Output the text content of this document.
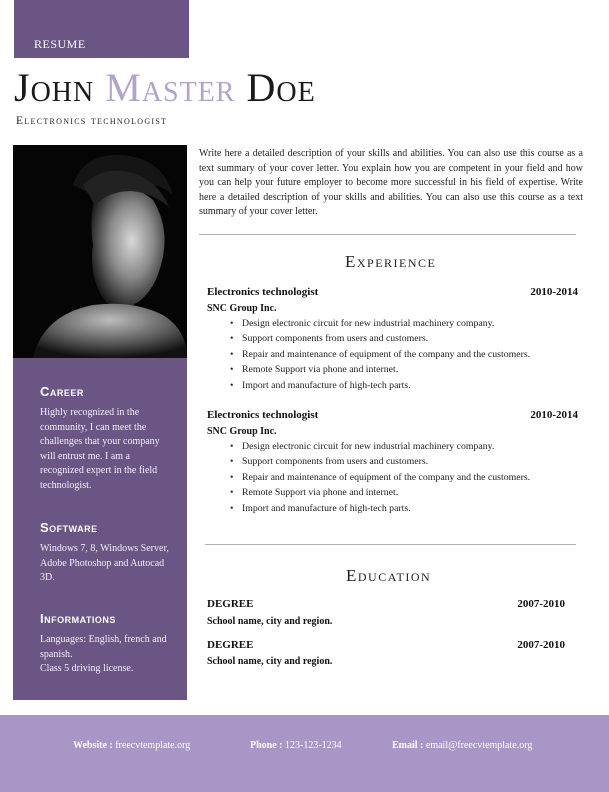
RESUME
John Master Doe
Electronics technologist
Career
Highly recognized in the community, I can meet the challenges that your company will entrust me. I am a recognized expert in the field technologist.
Software
Windows 7, 8, Windows Server, Adobe Photoshop and Autocad 3D.
Informations
Languages: English, french and spanish.
Class 5 driving license.
Write here a detailed description of your skills and abilities. You can also use this course as a text summary of your cover letter. You explain how you are competent in your field and how you can help your future employer to become more successful in his field of expertise. Write here a detailed description of your skills and abilities. You can also use this course as a text summary of your cover letter.
Experience
Electronics technologist	2010-2014
SNC Group Inc.
• Design electronic circuit for new industrial machinery company.
• Support components from users and customers.
• Repair and maintenance of equipment of the company and the customers.
• Remote Support via phone and internet.
• Import and manufacture of high-tech parts.
Electronics technologist	2010-2014
SNC Group Inc.
• Design electronic circuit for new industrial machinery company.
• Support components from users and customers.
• Repair and maintenance of equipment of the company and the customers.
• Remote Support via phone and internet.
• Import and manufacture of high-tech parts.
Education
DEGREE	2007-2010
School name, city and region.
DEGREE	2007-2010
School name, city and region.
Website : freecvtemplate.org	Phone : 123-123-1234	Email : email@freecvtemplate.org
